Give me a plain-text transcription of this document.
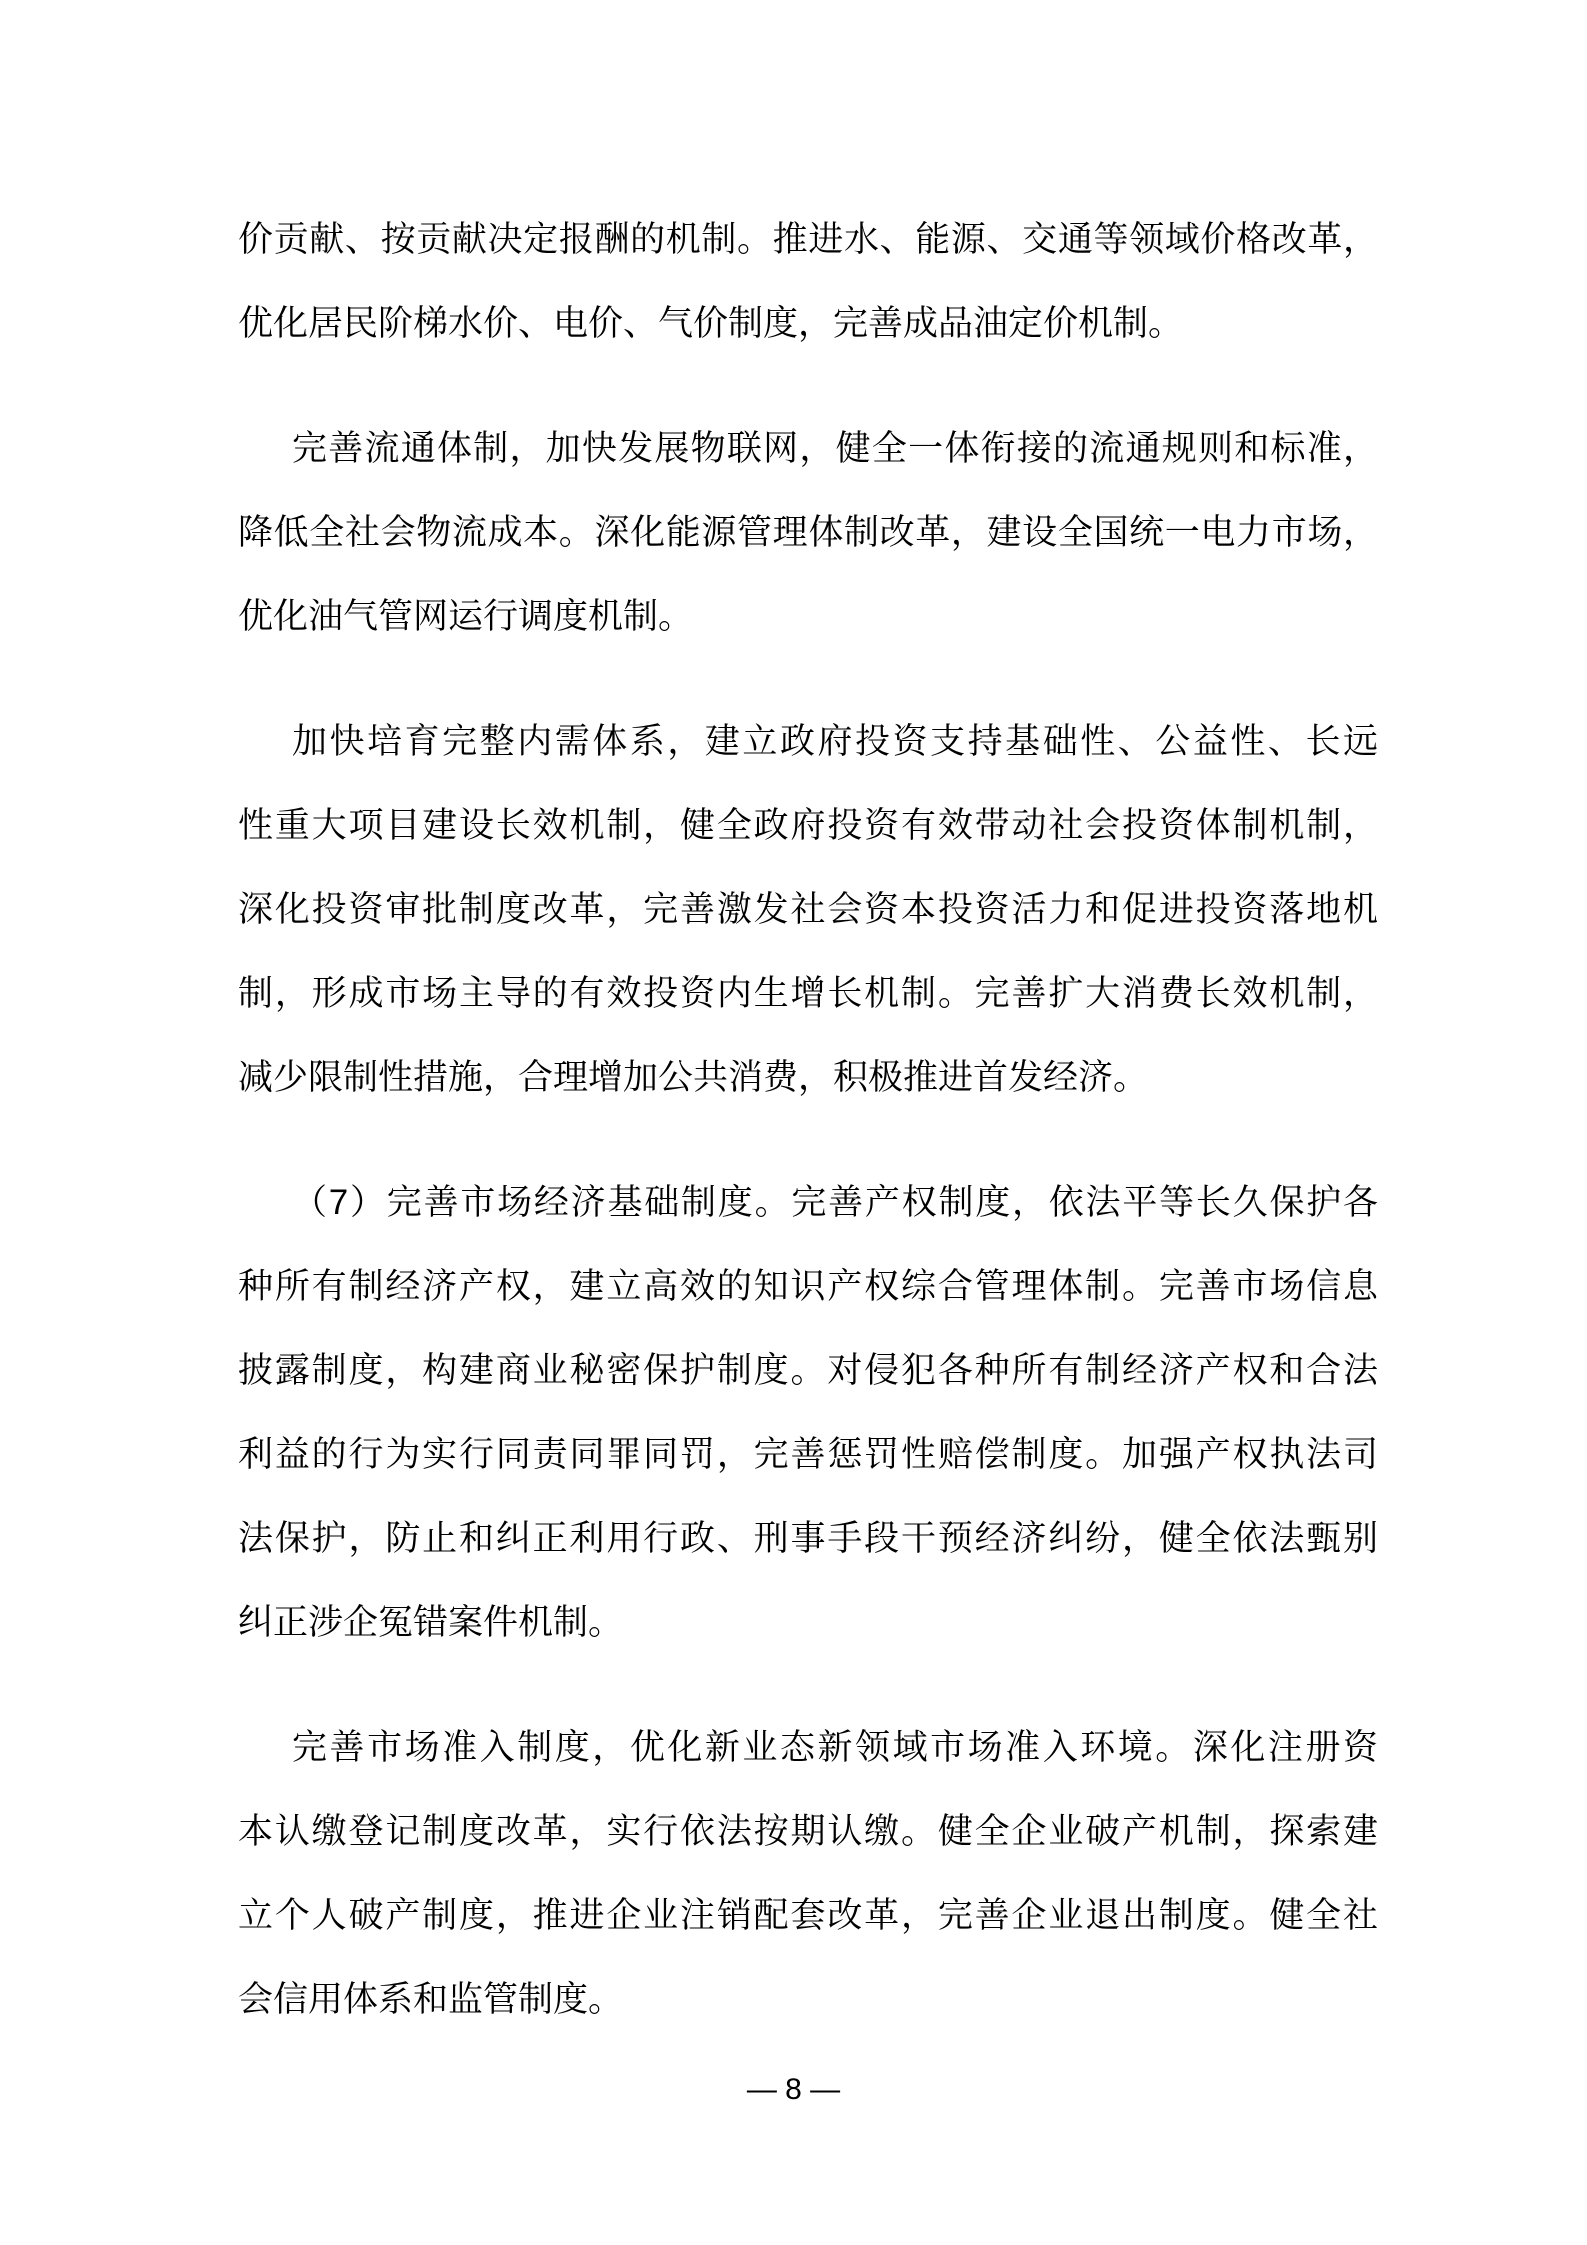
价贡献、按贡献决定报酬的机制。推进水、能源、交通等领域价格改革，
优化居民阶梯水价、电价、气价制度，完善成品油定价机制。

完善流通体制，加快发展物联网，健全一体衔接的流通规则和标准，
降低全社会物流成本。深化能源管理体制改革，建设全国统一电力市场，
优化油气管网运行调度机制。

加快培育完整内需体系，建立政府投资支持基础性、公益性、长远
性重大项目建设长效机制，健全政府投资有效带动社会投资体制机制，
深化投资审批制度改革，完善激发社会资本投资活力和促进投资落地机
制，形成市场主导的有效投资内生增长机制。完善扩大消费长效机制，
减少限制性措施，合理增加公共消费，积极推进首发经济。

（7）完善市场经济基础制度。完善产权制度，依法平等长久保护各
种所有制经济产权，建立高效的知识产权综合管理体制。完善市场信息
披露制度，构建商业秘密保护制度。对侵犯各种所有制经济产权和合法
利益的行为实行同责同罪同罚，完善惩罚性赔偿制度。加强产权执法司
法保护，防止和纠正利用行政、刑事手段干预经济纠纷，健全依法甄别
纠正涉企冤错案件机制。

完善市场准入制度，优化新业态新领域市场准入环境。深化注册资
本认缴登记制度改革，实行依法按期认缴。健全企业破产机制，探索建
立个人破产制度，推进企业注销配套改革，完善企业退出制度。健全社
会信用体系和监管制度。

— 8 —
